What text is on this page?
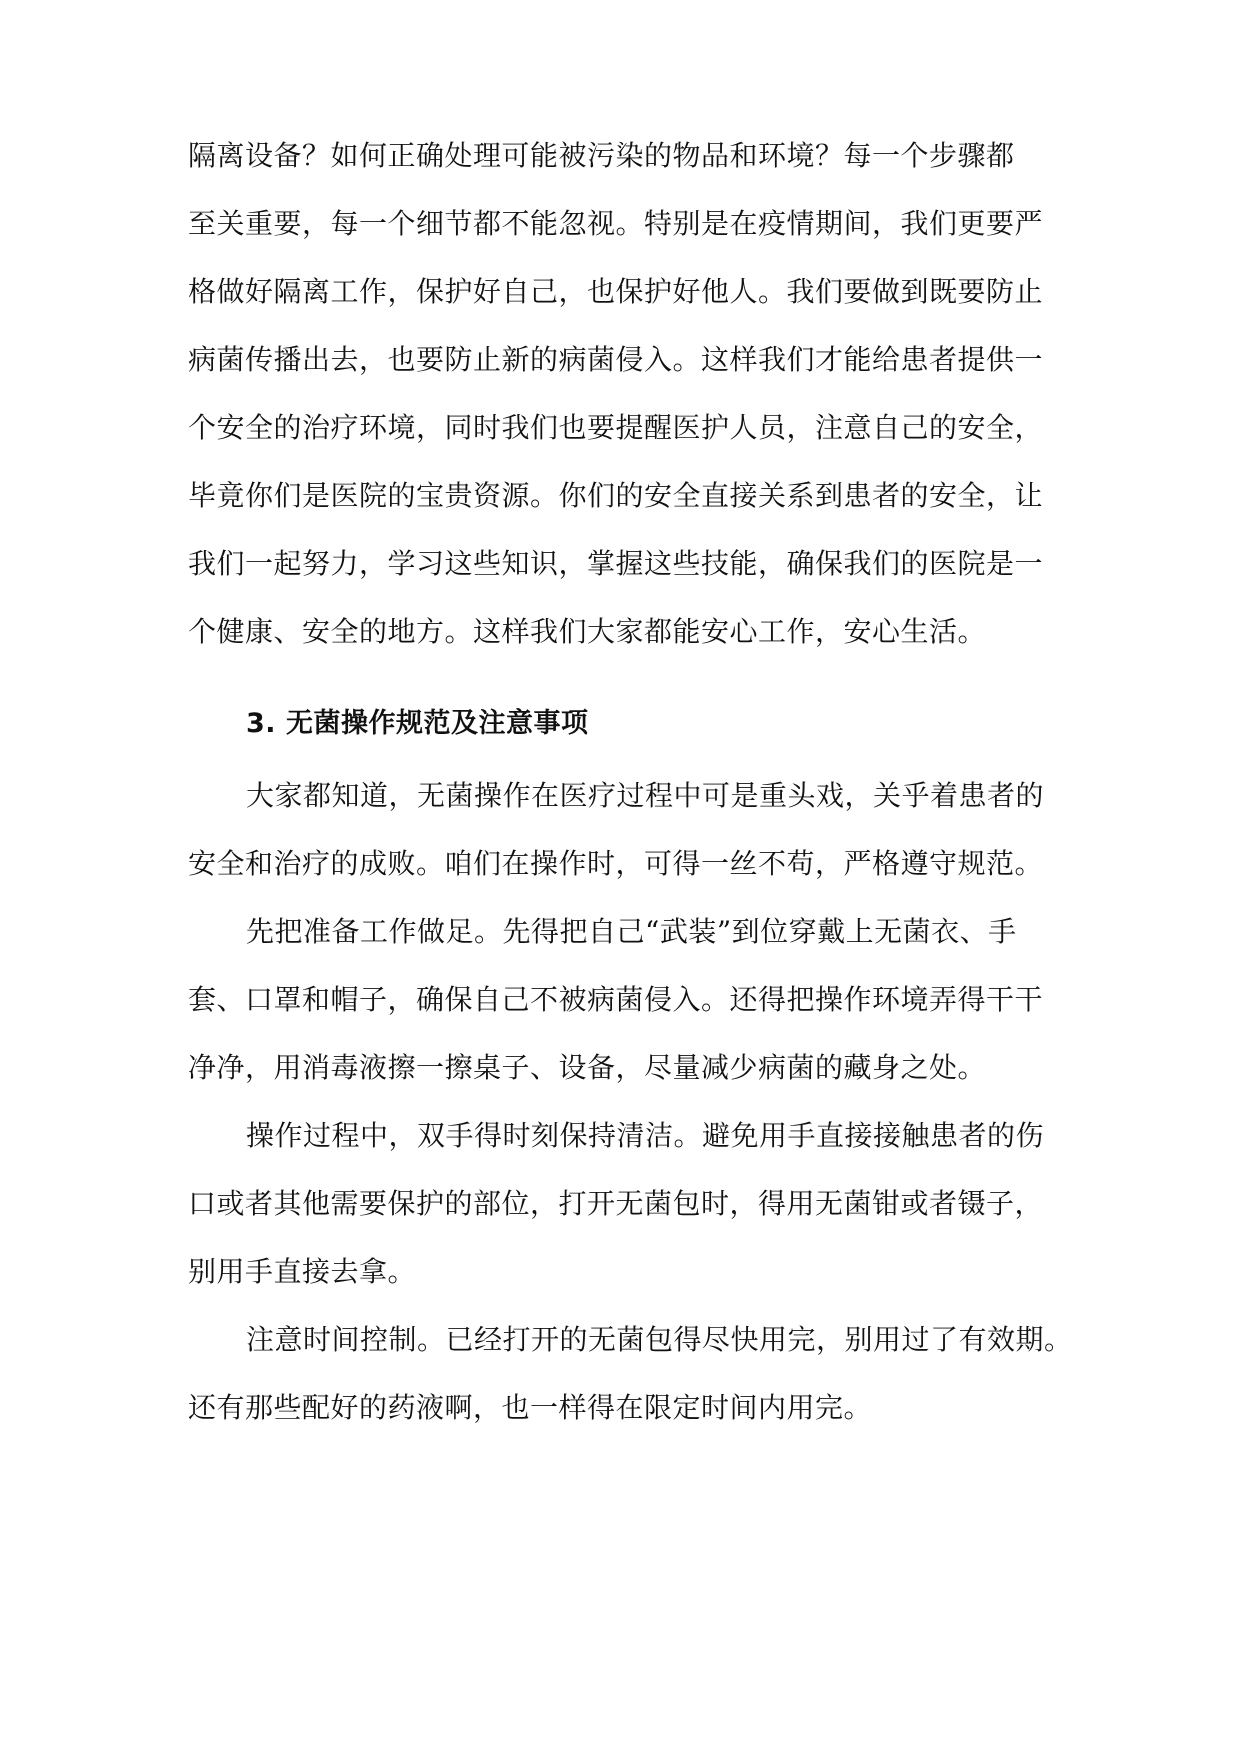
隔离设备？如何正确处理可能被污染的物品和环境？每一个步骤都
至关重要，每一个细节都不能忽视。特别是在疫情期间，我们更要严
格做好隔离工作，保护好自己，也保护好他人。我们要做到既要防止
病菌传播出去，也要防止新的病菌侵入。这样我们才能给患者提供一
个安全的治疗环境，同时我们也要提醒医护人员，注意自己的安全，
毕竟你们是医院的宝贵资源。你们的安全直接关系到患者的安全，让
我们一起努力，学习这些知识，掌握这些技能，确保我们的医院是一
个健康、安全的地方。这样我们大家都能安心工作，安心生活。
3. 无菌操作规范及注意事项
大家都知道，无菌操作在医疗过程中可是重头戏，关乎着患者的
安全和治疗的成败。咱们在操作时，可得一丝不苟，严格遵守规范。
先把准备工作做足。先得把自己“武装”到位穿戴上无菌衣、手
套、口罩和帽子，确保自己不被病菌侵入。还得把操作环境弄得干干
净净，用消毒液擦一擦桌子、设备，尽量减少病菌的藏身之处。
操作过程中，双手得时刻保持清洁。避免用手直接接触患者的伤
口或者其他需要保护的部位，打开无菌包时，得用无菌钳或者镊子，
别用手直接去拿。
注意时间控制。已经打开的无菌包得尽快用完，别用过了有效期。
还有那些配好的药液啊，也一样得在限定时间内用完。
